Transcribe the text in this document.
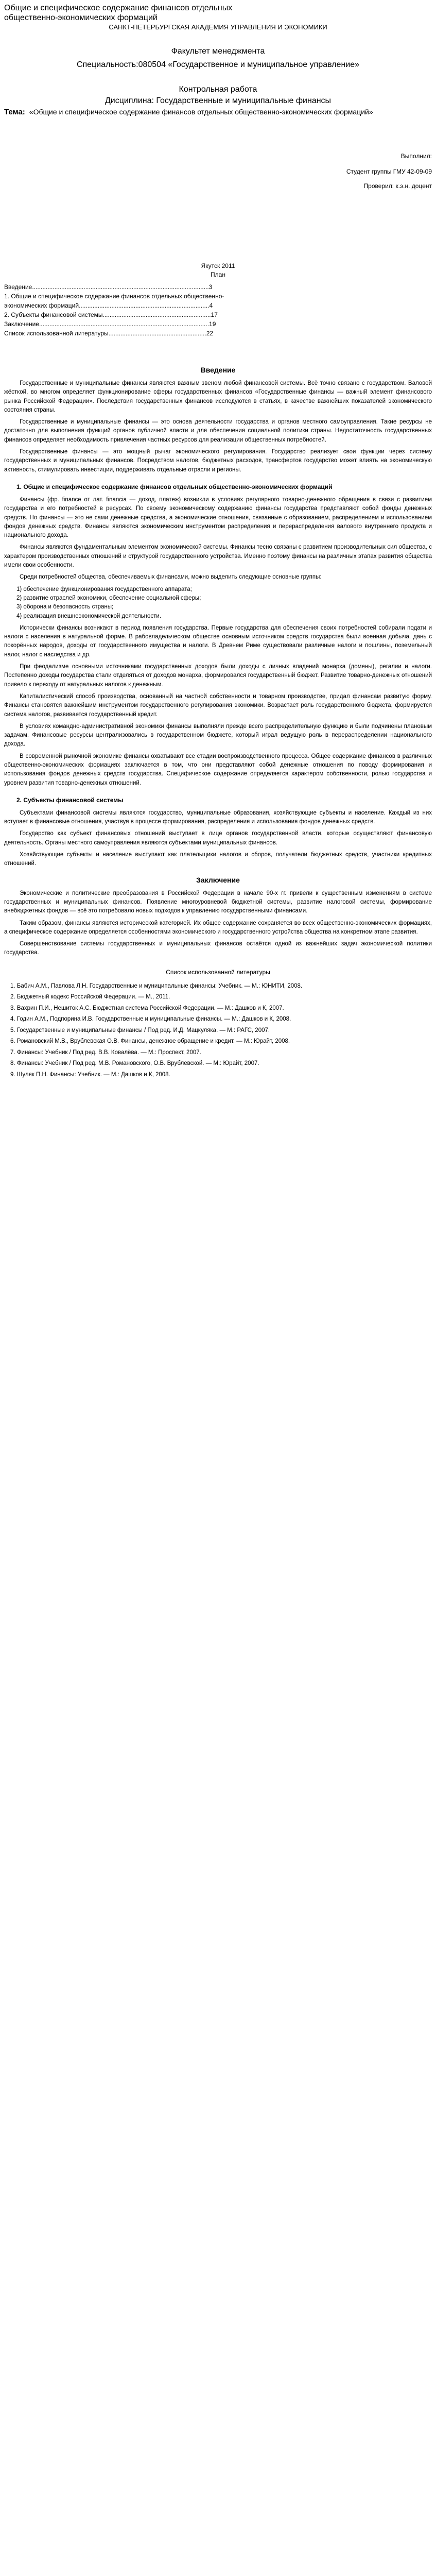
Общие и специфическое содержание финансов отдельных
общественно-экономических формаций
САНКТ-ПЕТЕРБУРГСКАЯ АКАДЕМИЯ УПРАВЛЕНИЯ И ЭКОНОМИКИ
Факультет менеджмента
Специальность:080504 «Государственное и муниципальное управление»
Контрольная работа
Дисциплина: Государственные и муниципальные финансы
Тема: «Общие и специфическое содержание финансов отдельных общественно-экономических формаций»
Выполнил:
Студент группы ГМУ 42-09-09
Проверил: к.э.н. доцент
Якутск 2011
План
Введение.......................................................................................................3
1. Общие и специфическое содержание финансов отдельных общественно-
экономических формаций............................................................................4
2. Субъекты финансовой системы...............................................................17
Заключение...................................................................................................19
Список использованной литературы.........................................................22
Введение

Государственные и муниципальные финансы являются важным звеном любой финансовой системы. Всё точно связано с государством. Валовой жёсткой, во многом определяет функционирование сферы государственных финансов «Государственные финансы — важный элемент финансового рынка Российской Федерации». Последствия государственных финансов исследуются в статьях, в качестве важнейших показателей экономического состояния страны.

Государственные и муниципальные финансы — это основа деятельности государства и органов местного самоуправления. Такие ресурсы не достаточно для выполнения функций органов публичной власти и для обеспечения социальной политики страны. Недостаточность государственных финансов определяет необходимость привлечения частных ресурсов для реализации общественных потребностей.

Государственные финансы — это мощный рычаг экономического регулирования. Государство реализует свои функции через систему государственных и муниципальных финансов. Посредством налогов, бюджетных расходов, трансфертов государство может влиять на экономическую активность, стимулировать инвестиции, поддерживать отдельные отрасли и регионы.

1. Общие и специфическое содержание финансов отдельных общественно-экономических формаций

Финансы (фр. finance от лат. financia — доход, платеж) возникли в условиях регулярного товарно-денежного обращения в связи с развитием государства и его потребностей в ресурсах. По своему экономическому содержанию финансы государства представляют собой фонды денежных средств. Но финансы — это не сами денежные средства, а экономические отношения, связанные с образованием, распределением и использованием фондов денежных средств. Финансы являются экономическим инструментом распределения и перераспределения валового внутреннего продукта и национального дохода.

Финансы являются фундаментальным элементом экономической системы. Финансы тесно связаны с развитием производительных сил общества, с характером производственных отношений и структурой государственного устройства. Именно поэтому финансы на различных этапах развития общества имели свои особенности.

Среди потребностей общества, обеспечиваемых финансами, можно выделить следующие основные группы:

1) обеспечение функционирования государственного аппарата;
2) развитие отраслей экономики, обеспечение социальной сферы;
3) оборона и безопасность страны;
4) реализация внешнеэкономической деятельности.

Исторически финансы возникают в период появления государства. Первые государства для обеспечения своих потребностей собирали подати и налоги с населения в натуральной форме. В рабовладельческом обществе основным источником средств государства были военная добыча, дань с покорённых народов, доходы от государственного имущества и налоги. В Древнем Риме существовали различные налоги и пошлины, поземельный налог, налог с наследства и др.

При феодализме основными источниками государственных доходов были доходы с личных владений монарха (домены), регалии и налоги. Постепенно доходы государства стали отделяться от доходов монарха, формировался государственный бюджет. Развитие товарно-денежных отношений привело к переходу от натуральных налогов к денежным.

Капиталистический способ производства, основанный на частной собственности и товарном производстве, придал финансам развитую форму. Финансы становятся важнейшим инструментом государственного регулирования экономики. Возрастает роль государственного бюджета, формируется система налогов, развивается государственный кредит.

В условиях командно-административной экономики финансы выполняли прежде всего распределительную функцию и были подчинены плановым задачам. Финансовые ресурсы централизовались в государственном бюджете, который играл ведущую роль в перераспределении национального дохода.

В современной рыночной экономике финансы охватывают все стадии воспроизводственного процесса. Общее содержание финансов в различных общественно-экономических формациях заключается в том, что они представляют собой денежные отношения по поводу формирования и использования фондов денежных средств государства. Специфическое содержание определяется характером собственности, ролью государства и уровнем развития товарно-денежных отношений.

2. Субъекты финансовой системы

Субъектами финансовой системы являются государство, муниципальные образования, хозяйствующие субъекты и население. Каждый из них вступает в финансовые отношения, участвуя в процессе формирования, распределения и использования фондов денежных средств.

Государство как субъект финансовых отношений выступает в лице органов государственной власти, которые осуществляют финансовую деятельность. Органы местного самоуправления являются субъектами муниципальных финансов.

Хозяйствующие субъекты и население выступают как плательщики налогов и сборов, получатели бюджетных средств, участники кредитных отношений.

Заключение

Экономические и политические преобразования в Российской Федерации в начале 90-х гг. привели к существенным изменениям в системе государственных и муниципальных финансов. Появление многоуровневой бюджетной системы, развитие налоговой системы, формирование внебюджетных фондов — всё это потребовало новых подходов к управлению государственными финансами.

Таким образом, финансы являются исторической категорией. Их общее содержание сохраняется во всех общественно-экономических формациях, а специфическое содержание определяется особенностями экономического и государственного устройства общества на конкретном этапе развития.

Совершенствование системы государственных и муниципальных финансов остаётся одной из важнейших задач экономической политики государства.

Список использованной литературы
1. Бабич А.М., Павлова Л.Н. Государственные и муниципальные финансы: Учебник. — М.: ЮНИТИ, 2008.
2. Бюджетный кодекс Российской Федерации. — М., 2011.
3. Вахрин П.И., Нешиток А.С. Бюджетная система Российской Федерации. — М.: Дашков и К, 2007.
4. Годин А.М., Подпорина И.В. Государственные и муниципальные финансы. — М.: Дашков и К, 2008.
5. Государственные и муниципальные финансы / Под ред. И.Д. Мацкуляка. — М.: РАГС, 2007.
6. Романовский М.В., Врублевская О.В. Финансы, денежное обращение и кредит. — М.: Юрайт, 2008.
7. Финансы: Учебник / Под ред. В.В. Ковалёва. — М.: Проспект, 2007.
8. Финансы: Учебник / Под ред. М.В. Романовского, О.В. Врублевской. — М.: Юрайт, 2007.
9. Шуляк П.Н. Финансы: Учебник. — М.: Дашков и К, 2008.
